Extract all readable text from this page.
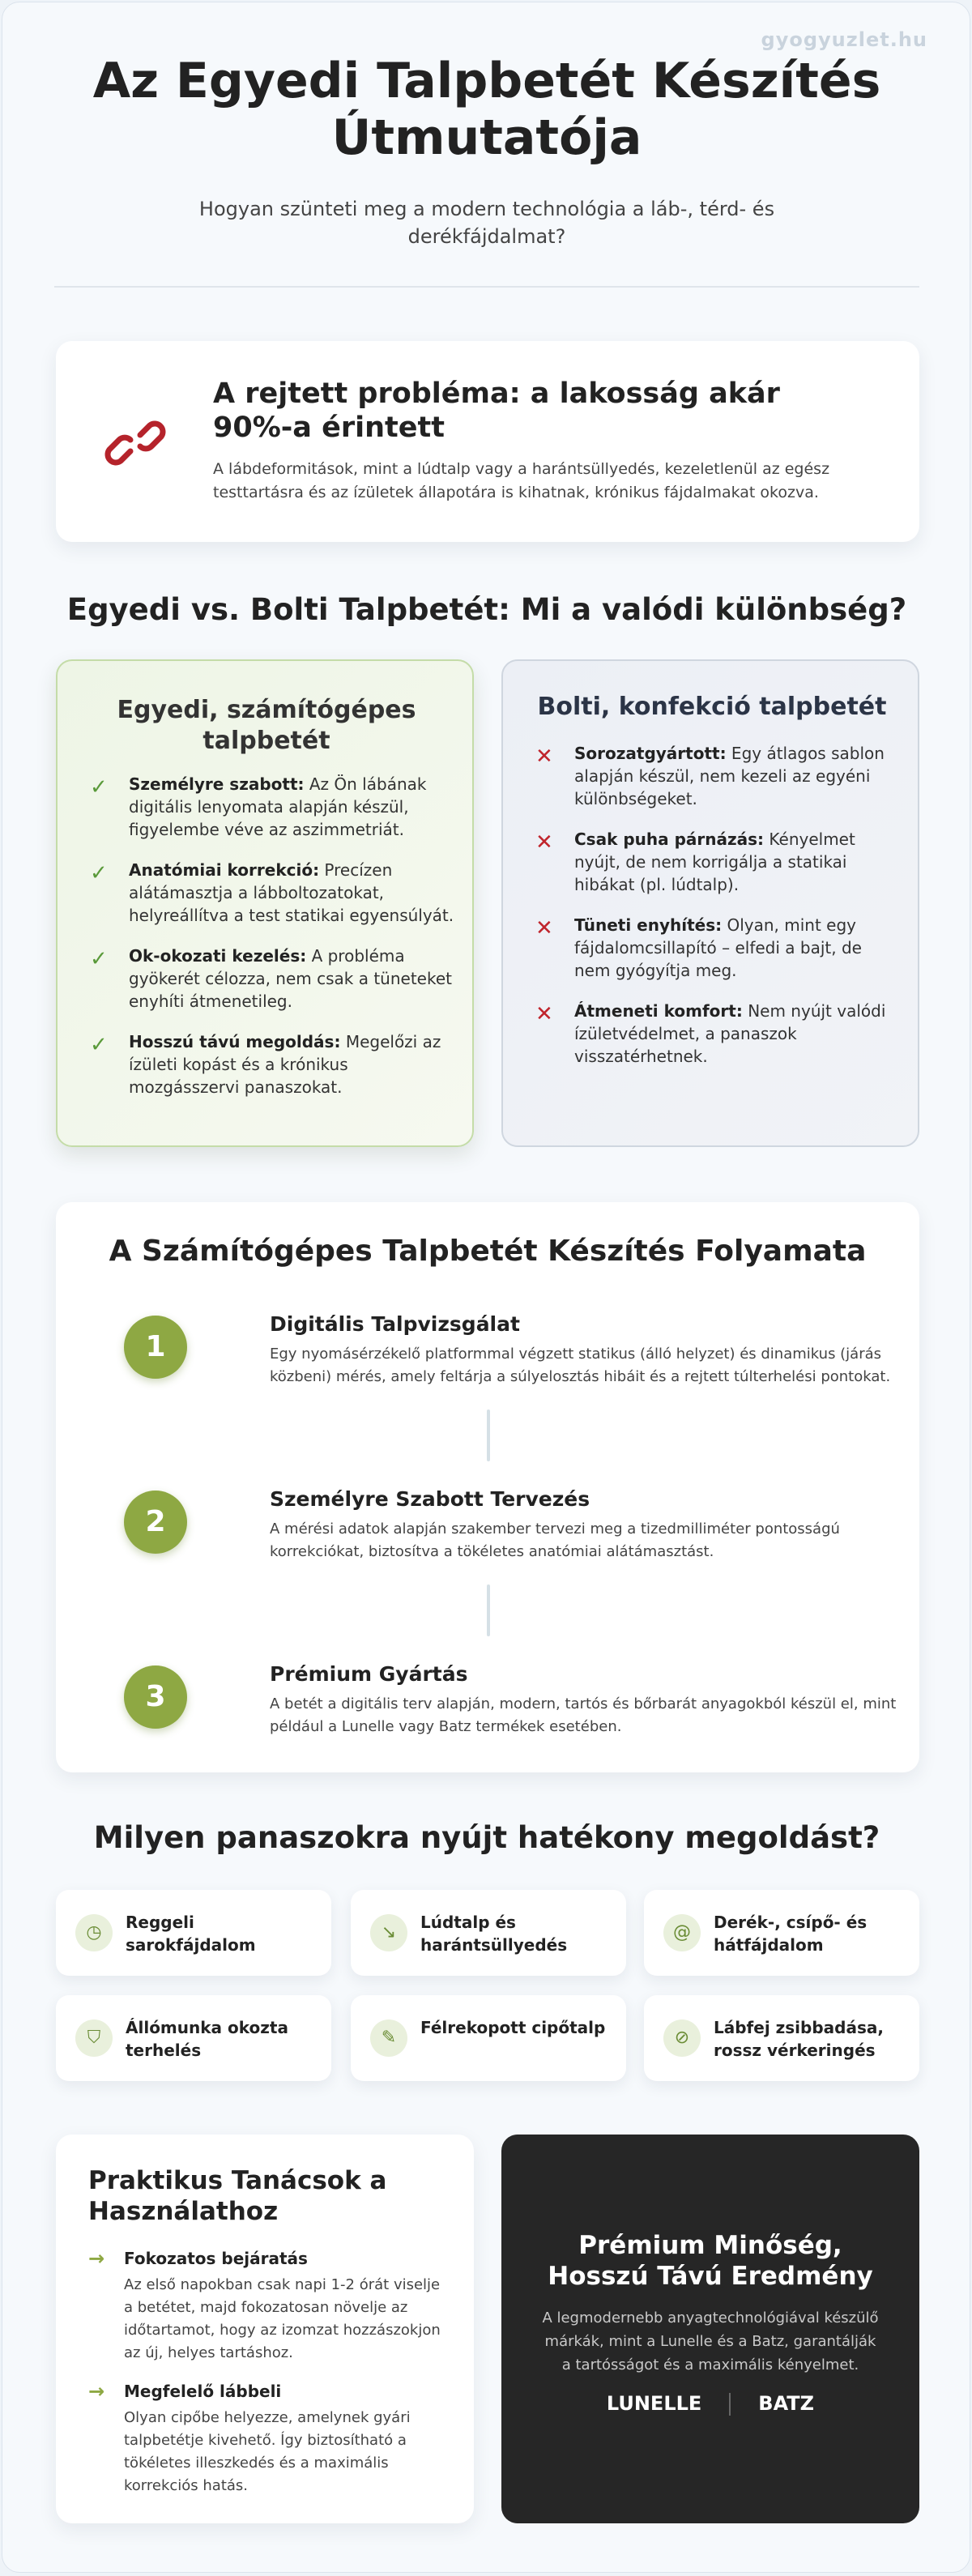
gyogyuzlet.hu
Az Egyedi Talpbetét Készítés Útmutatója
Hogyan szünteti meg a modern technológia a láb-, térd- és derékfájdalmat?
A rejtett probléma: a lakosság akár 90%-a érintett
A lábdeformitások, mint a lúdtalp vagy a harántsüllyedés, kezeletlenül az egész testtartásra és az ízületek állapotára is kihatnak, krónikus fájdalmakat okozva.
Egyedi vs. Bolti Talpbetét: Mi a valódi különbség?
Egyedi, számítógépes talpbetét
✓	Személyre szabott: Az Ön lábának digitális lenyomata alapján készül, figyelembe véve az aszimmetriát.
✓	Anatómiai korrekció: Precízen alátámasztja a lábboltozatokat, helyreállítva a test statikai egyensúlyát.
✓	Ok-okozati kezelés: A probléma gyökerét célozza, nem csak a tüneteket enyhíti átmenetileg.
✓	Hosszú távú megoldás: Megelőzi az ízületi kopást és a krónikus mozgásszervi panaszokat.
Bolti, konfekció talpbetét
✕	Sorozatgyártott: Egy átlagos sablon alapján készül, nem kezeli az egyéni különbségeket.
✕	Csak puha párnázás: Kényelmet nyújt, de nem korrigálja a statikai hibákat (pl. lúdtalp).
✕	Tüneti enyhítés: Olyan, mint egy fájdalomcsillapító – elfedi a bajt, de nem gyógyítja meg.
✕	Átmeneti komfort: Nem nyújt valódi ízületvédelmet, a panaszok visszatérhetnek.
A Számítógépes Talpbetét Készítés Folyamata
1
Digitális Talpvizsgálat
Egy nyomásérzékelő platformmal végzett statikus (álló helyzet) és dinamikus (járás közbeni) mérés, amely feltárja a súlyelosztás hibáit és a rejtett túlterhelési pontokat.
2
Személyre Szabott Tervezés
A mérési adatok alapján szakember tervezi meg a tizedmilliméter pontosságú korrekciókat, biztosítva a tökéletes anatómiai alátámasztást.
3
Prémium Gyártás
A betét a digitális terv alapján, modern, tartós és bőrbarát anyagokból készül el, mint például a Lunelle vagy Batz termékek esetében.
Milyen panaszokra nyújt hatékony megoldást?
◷	Reggeli sarokfájdalom
↘	Lúdtalp és harántsüllyedés
@	Derék-, csípő- és hátfájdalom
⛉	Állómunka okozta terhelés
✎	Félrekopott cipőtalp	⊘	Lábfej zsibbadása, rossz vérkeringés
Praktikus Tanácsok a Használathoz
→ Fokozatos bejáratás
Az első napokban csak napi 1-2 órát viselje a betétet, majd fokozatosan növelje az időtartamot, hogy az izomzat hozzászokjon az új, helyes tartáshoz.
→ Megfelelő lábbeli
Olyan cipőbe helyezze, amelynek gyári talpbetétje kivehető. Így biztosítható a tökéletes illeszkedés és a maximális korrekciós hatás.
Prémium Minőség, Hosszú Távú Eredmény
A legmodernebb anyagtechnológiával készülő márkák, mint a Lunelle és a Batz, garantálják a tartósságot és a maximális kényelmet.
LUNELLE	BATZ
